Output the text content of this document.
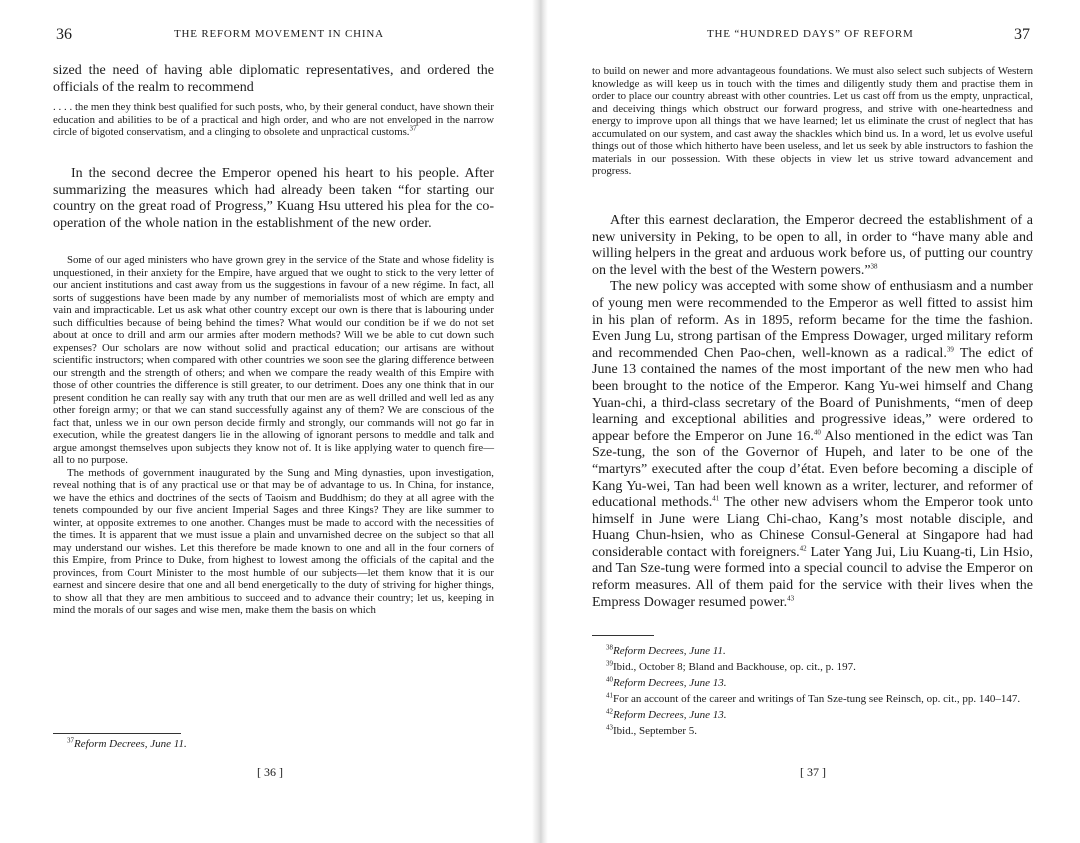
36	THE REFORM MOVEMENT IN CHINA

sized the need of having able diplomatic representatives, and ordered the officials of the realm to recommend

. . . . the men they think best qualified for such posts, who, by their general conduct, have shown their education and abilities to be of a practical and high order, and who are not enveloped in the narrow circle of bigoted conservatism, and a clinging to obsolete and unpractical customs.$^{37}$

In the second decree the Emperor opened his heart to his people. After summarizing the measures which had already been taken “for starting our country on the great road of Progress,” Kuang Hsu uttered his plea for the co-operation of the whole nation in the establishment of the new order.

Some of our aged ministers who have grown grey in the service of the State and whose fidelity is unquestioned, in their anxiety for the Empire, have argued that we ought to stick to the very letter of our ancient institutions and cast away from us the suggestions in favour of a new régime. In fact, all sorts of suggestions have been made by any number of memorialists most of which are empty and vain and impracticable. Let us ask what other country except our own is there that is labouring under such difficulties because of being behind the times? What would our condition be if we do not set about at once to drill and arm our armies after modern methods? Will we be able to cut down such expenses? Our scholars are now without solid and practical education; our artisans are without scientific instructors; when compared with other countries we soon see the glaring difference between our strength and the strength of others; and when we compare the ready wealth of this Empire with those of other countries the difference is still greater, to our detriment. Does any one think that in our present condition he can really say with any truth that our men are as well drilled and well led as any other foreign army; or that we can stand successfully against any of them? We are conscious of the fact that, unless we in our own person decide firmly and strongly, our commands will not go far in execution, while the greatest dangers lie in the allowing of ignorant persons to meddle and talk and argue amongst themselves upon subjects they know not of. It is like applying water to quench fire—all to no purpose.

The methods of government inaugurated by the Sung and Ming dynasties, upon investigation, reveal nothing that is of any practical use or that may be of advantage to us. In China, for instance, we have the ethics and doctrines of the sects of Taoism and Buddhism; do they at all agree with the tenets compounded by our five ancient Imperial Sages and three Kings? They are like summer to winter, at opposite extremes to one another. Changes must be made to accord with the necessities of the times. It is apparent that we must issue a plain and unvarnished decree on the subject so that all may understand our wishes. Let this therefore be made known to one and all in the four corners of this Empire, from Prince to Duke, from highest to lowest among the officials of the capital and the provinces, from Court Minister to the most humble of our subjects—let them know that it is our earnest and sincere desire that one and all bend energetically to the duty of striving for higher things, to show all that they are men ambitious to succeed and to advance their country; let us, keeping in mind the morals of our sages and wise men, make them the basis on which

$^{37}$Reform Decrees, June 11.

[ 36 ]
THE “HUNDRED DAYS” OF REFORM	37

to build on newer and more advantageous foundations. We must also select such subjects of Western knowledge as will keep us in touch with the times and diligently study them and practise them in order to place our country abreast with other countries. Let us cast off from us the empty, unpractical, and deceiving things which obstruct our forward progress, and strive with one-heartedness and energy to improve upon all things that we have learned; let us eliminate the crust of neglect that has accumulated on our system, and cast away the shackles which bind us. In a word, let us evolve useful things out of those which hitherto have been useless, and let us seek by able instructors to fashion the materials in our possession. With these objects in view let us strive toward advancement and progress.

After this earnest declaration, the Emperor decreed the establishment of a new university in Peking, to be open to all, in order to “have many able and willing helpers in the great and arduous work before us, of putting our country on the level with the best of the Western powers.”$^{38}$

The new policy was accepted with some show of enthusiasm and a number of young men were recommended to the Emperor as well fitted to assist him in his plan of reform. As in 1895, reform became for the time the fashion. Even Jung Lu, strong partisan of the Empress Dowager, urged military reform and recommended Chen Pao-chen, well-known as a radical.$^{39}$ The edict of June 13 contained the names of the most important of the new men who had been brought to the notice of the Emperor. Kang Yu-wei himself and Chang Yuan-chi, a third-class secretary of the Board of Punishments, “men of deep learning and exceptional abilities and progressive ideas,” were ordered to appear before the Emperor on June 16.40 Also mentioned in the edict was Tan Sze-tung, the son of the Governor of Hupeh, and later to be one of the “martyrs” executed after the coup d’état. Even before becoming a disciple of Kang Yu-wei, Tan had been well known as a writer, lecturer, and reformer of educational methods.$^{41}$ The other new advisers whom the Emperor took unto himself in June were Liang Chi-chao, Kang’s most notable disciple, and Huang Chun-hsien, who as Chinese Consul-General at Singapore had had considerable contact with foreigners.$^{42}$ Later Yang Jui, Liu Kuang-ti, Lin Hsio, and Tan Sze-tung were formed into a special council to advise the Emperor on reform measures. All of them paid for the service with their lives when the Empress Dowager resumed power.$^{43}$

$^{38}$Reform Decrees, June 11.

$^{39}$Ibid., October 8; Bland and Backhouse, op. cit., p. 197.

$^{40}$Reform Decrees, June 13.

$^{41}$For an account of the career and writings of Tan Sze-tung see Reinsch, op. cit., pp. 140–147.

$^{42}$Reform Decrees, June 13.

$^{43}$Ibid., September 5.

[ 37 ]
